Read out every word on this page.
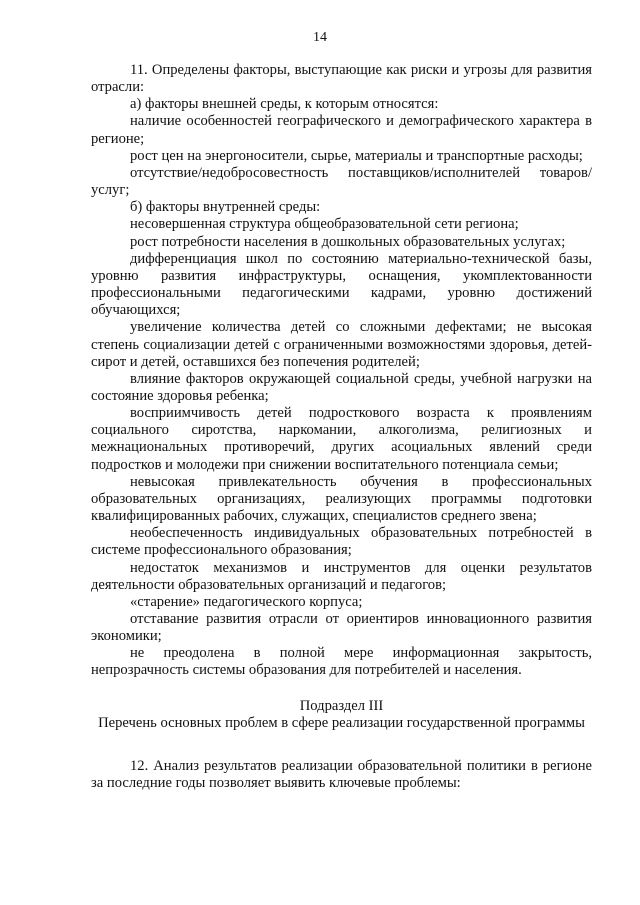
14

11. Определены факторы, выступающие как риски и угрозы для развития отрасли:

а) факторы внешней среды, к которым относятся:

наличие особенностей географического и демографического характера в регионе;

рост цен на энергоносители, сырье, материалы и транспортные расходы;

отсутствие/недобросовестность поставщиков/исполнителей товаров/услуг;

б) факторы внутренней среды:

несовершенная структура общеобразовательной сети региона;

рост потребности населения в дошкольных образовательных услугах;

дифференциация школ по состоянию материально-технической базы, уровню развития инфраструктуры, оснащения, укомплектованности профессиональными педагогическими кадрами, уровню достижений обучающихся;

увеличение количества детей со сложными дефектами; не высокая степень социализации детей с ограниченными возможностями здоровья, детей-сирот и детей, оставшихся без попечения родителей;

влияние факторов окружающей социальной среды, учебной нагрузки на состояние здоровья ребенка;

восприимчивость детей подросткового возраста к проявлениям социального сиротства, наркомании, алкоголизма, религиозных и межнациональных противоречий, других асоциальных явлений среди подростков и молодежи при снижении воспитательного потенциала семьи;

невысокая привлекательность обучения в профессиональных образовательных организациях, реализующих программы подготовки квалифицированных рабочих, служащих, специалистов среднего звена;

необеспеченность индивидуальных образовательных потребностей в системе профессионального образования;

недостаток механизмов и инструментов для оценки результатов деятельности образовательных организаций и педагогов;

«старение» педагогического корпуса;

отставание развития отрасли от ориентиров инновационного развития экономики;

не преодолена в полной мере информационная закрытость, непрозрачность системы образования для потребителей и населения.

Подраздел III

Перечень основных проблем в сфере реализации государственной программы

12. Анализ результатов реализации образовательной политики в регионе за последние годы позволяет выявить ключевые проблемы:
